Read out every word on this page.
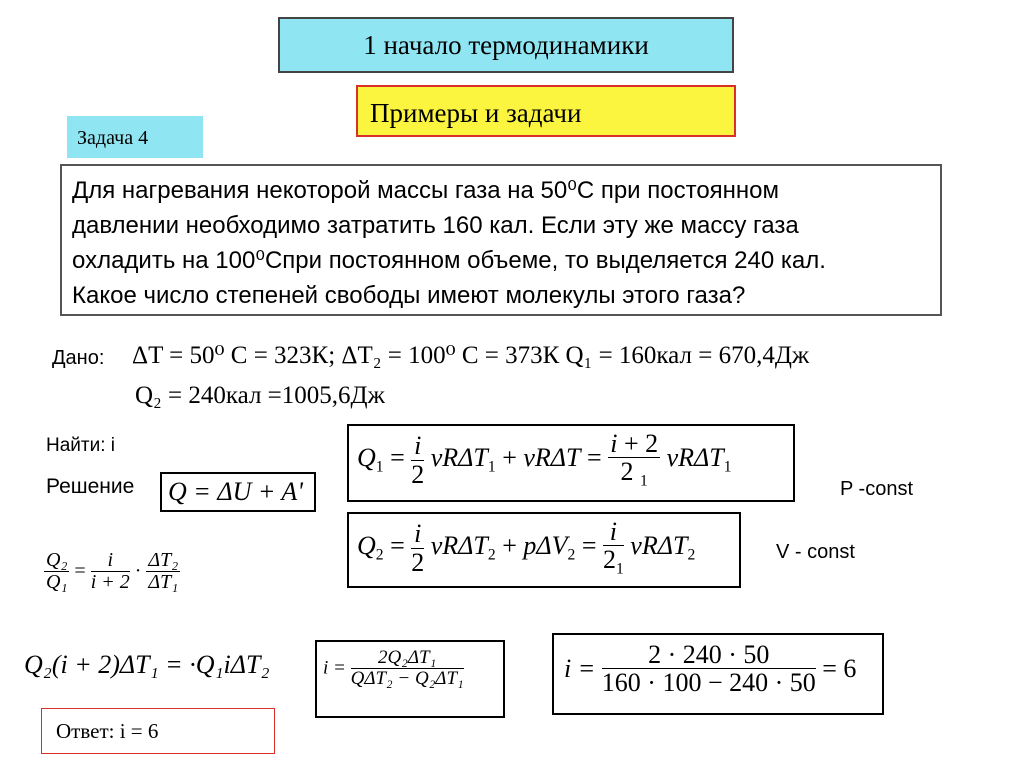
1 начало термодинамики
Примеры и задачи
Задача 4
Для нагревания некоторой массы газа на 50⁰С при постоянном
давлении необходимо затратить 160 кал. Если эту же массу газа
охладить на 100⁰Спри постоянном объеме, то выделяется 240 кал.
Какое число степеней свободы имеют молекулы этого газа?
Дано: ΔT = 50⁰ C = 323К; ΔT₂ = 100⁰ C = 373К Q₁ = 160кал = 670,4Дж
Q₂ = 240кал =1005,6Дж
Найти: i
Решение	Q = ΔU + A'
$Q_1 = \frac{i}{2} \nu R\Delta T_1 + \nu R\Delta T = \frac{i + 2}{2 _1} \nu R\Delta T_1$
P -const
$Q_2 = \frac{i}{2} \nu R\Delta T_2 + p\Delta V_2 = \frac{i}{2_1} \nu R\Delta T_2$	V - const
$\frac{\text{Q₂}}{\text{Q₁}} = \frac{i}{i + 2} \cdot \frac{\text{ΔT₂}}{\text{ΔT₁}}$
Q₂(i + 2)ΔT₁ = ·Q₁iΔT₂	$i = \frac{\text{2Q₂ΔT₁}}{\text{QΔT₂ − Q₂ΔT₁}}$	$i = \frac{2 \cdot 240 \cdot 50}{160 \cdot 100 - 240 \cdot 50} = 6$
Ответ: i = 6
